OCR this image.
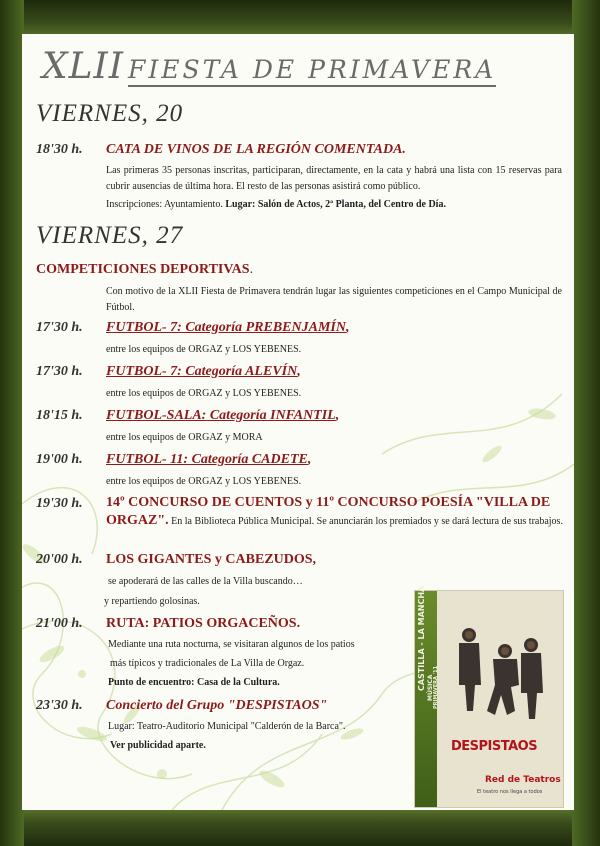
XLII FIESTA DE PRIMAVERA
VIERNES, 20
18'30 h. CATA DE VINOS DE LA REGIÓN COMENTADA.
Las primeras 35 personas inscritas, participaran, directamente, en la cata y habrá una lista con 15 reservas para cubrir ausencias de última hora. El resto de las personas asistirá como público.
Inscripciones: Ayuntamiento. Lugar: Salón de Actos, 2ª Planta, del Centro de Día.
VIERNES, 27
COMPETICIONES DEPORTIVAS.
Con motivo de la XLII Fiesta de Primavera tendrán lugar las siguientes competiciones en el Campo Municipal de Fútbol.
17'30 h. FUTBOL- 7: Categoría PREBENJAMÍN,
entre los equipos de ORGAZ y LOS YEBENES.
17'30 h. FUTBOL- 7: Categoría ALEVÍN,
entre los equipos de ORGAZ y LOS YEBENES.
18'15 h. FUTBOL-SALA: Categoría INFANTIL,
entre los equipos de ORGAZ y MORA
19'00 h. FUTBOL- 11: Categoría CADETE,
entre los equipos de ORGAZ y LOS YEBENES.
19'30 h. 14º CONCURSO DE CUENTOS y 11º CONCURSO POESÍA "VILLA DE ORGAZ". En la Biblioteca Pública Municipal. Se anunciarán los premiados y se dará lectura de sus trabajos.
20'00 h. LOS GIGANTES y CABEZUDOS,
se apoderará de las calles de la Villa buscando…
y repartiendo golosinas.
21'00 h. RUTA: PATIOS ORGACEÑOS.
Mediante una ruta nocturna, se visitaran algunos de los patios
más típicos y tradicionales de La Villa de Orgaz.
Punto de encuentro: Casa de la Cultura.
23'30 h. Concierto del Grupo "DESPISTAOS"
Lugar: Teatro-Auditorio Municipal "Calderón de la Barca".
Ver publicidad aparte.
CASTILLA - LA MANCHA MÚSICA PRIMAVERA '11
DESPISTAOS
Red de Teatros
El teatro nos llega a todos
